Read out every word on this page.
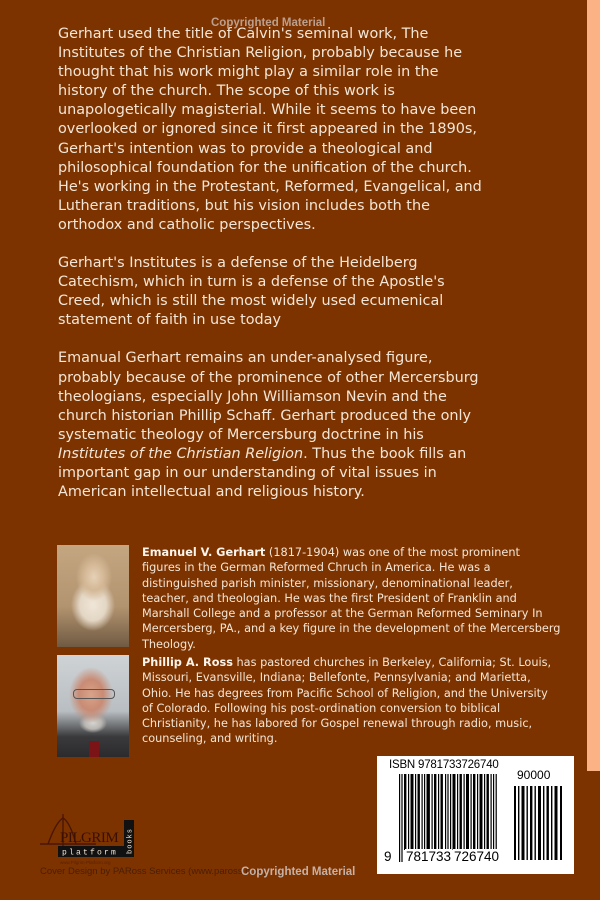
Copyrighted Material

Gerhart used the title of Calvin's seminal work, The Institutes of the Christian Religion, probably because he thought that his work might play a similar role in the history of the church. The scope of this work is unapologetically magisterial. While it seems to have been overlooked or ignored since it first appeared in the 1890s, Gerhart's intention was to provide a theological and philosophical foundation for the unification of the church. He's working in the Protestant, Reformed, Evangelical, and Lutheran traditions, but his vision includes both the orthodox and catholic perspectives.

Gerhart's Institutes is a defense of the Heidelberg Catechism, which in turn is a defense of the Apostle's Creed, which is still the most widely used ecumenical statement of faith in use today

Emanual Gerhart remains an under-analysed figure, probably because of the prominence of other Mercersburg theologians, especially John Williamson Nevin and the church historian Phillip Schaff. Gerhart produced the only systematic theology of Mercersburg doctrine in his Institutes of the Christian Religion. Thus the book fills an important gap in our understanding of vital issues in American intellectual and religious history.

Emanuel V. Gerhart (1817-1904) was one of the most prominent figures in the German Reformed Chruch in America. He was a distinguished parish minister, missionary, denominational leader, teacher, and theologian. He was the first President of Franklin and Marshall College and a professor at the German Reformed Seminary In Mercersberg, PA., and a key figure in the development of the Mercersberg Theology.
Phillip A. Ross has pastored churches in Berkeley, California; St. Louis, Missouri, Evansville, Indiana; Bellefonte, Pennsylvania; and Marietta, Ohio. He has degrees from Pacific School of Religion, and the University of Colorado. Following his post-ordination conversion to biblical Christianity, he has labored for Gospel renewal through radio, music, counseling, and writing.
ISBN 9781733726740
90000
9 781733 726740
PILGRIM
platform books
www.Pilgrim-Platform.org
Cover Design by PARoss Services (www.paross.com)
Copyrighted Material
